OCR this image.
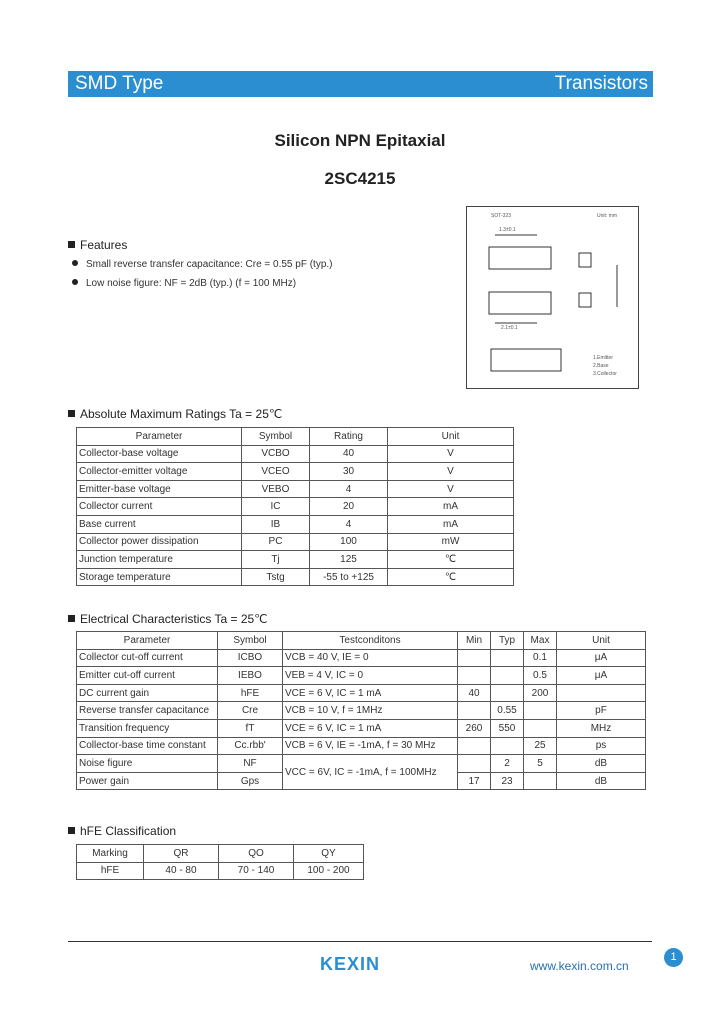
SMD Type	Transistors
Silicon NPN Epitaxial
2SC4215
Features
Small reverse transfer capacitance: Cre = 0.55 pF (typ.)
Low noise figure: NF = 2dB (typ.) (f = 100 MHz)
SOT-323	Unit: mm
1.3±0.1
2.1±0.1
1.Emitter
2.Base
3.Collector
Absolute Maximum Ratings Ta = 25℃
Parameter	Symbol	Rating	Unit
Collector-base voltage	VCBO	40	V
Collector-emitter voltage	VCEO	30	V
Emitter-base voltage	VEBO	4	V
Collector current	IC	20	mA
Base current	IB	4	mA
Collector power dissipation	PC	100	mW
Junction temperature	Tj	125	℃
Storage temperature	Tstg	-55 to +125	℃
Electrical Characteristics Ta = 25℃
Parameter	Symbol	Testconditons	Min	Typ	Max	Unit
Collector cut-off current	ICBO	VCB = 40 V, IE = 0			0.1	μA
Emitter cut-off current	IEBO	VEB = 4 V, IC = 0			0.5	μA
DC current gain	hFE	VCE = 6 V, IC = 1 mA	40		200	
Reverse transfer capacitance	Cre	VCB = 10 V, f = 1MHz		0.55		pF
Transition frequency	fT	VCE = 6 V, IC = 1 mA	260	550		MHz
Collector-base time constant	Cc.rbb'	VCB = 6 V, IE = -1mA, f = 30 MHz			25	ps
Noise figure	NF	VCC = 6V, IC = -1mA, f = 100MHz		2	5	dB
Power gain	Gps		17	23		dB
hFE Classification
Marking	QR	QO	QY
hFE	40 - 80	70 - 140	100 - 200
KEXIN	www.kexin.com.cn
1
